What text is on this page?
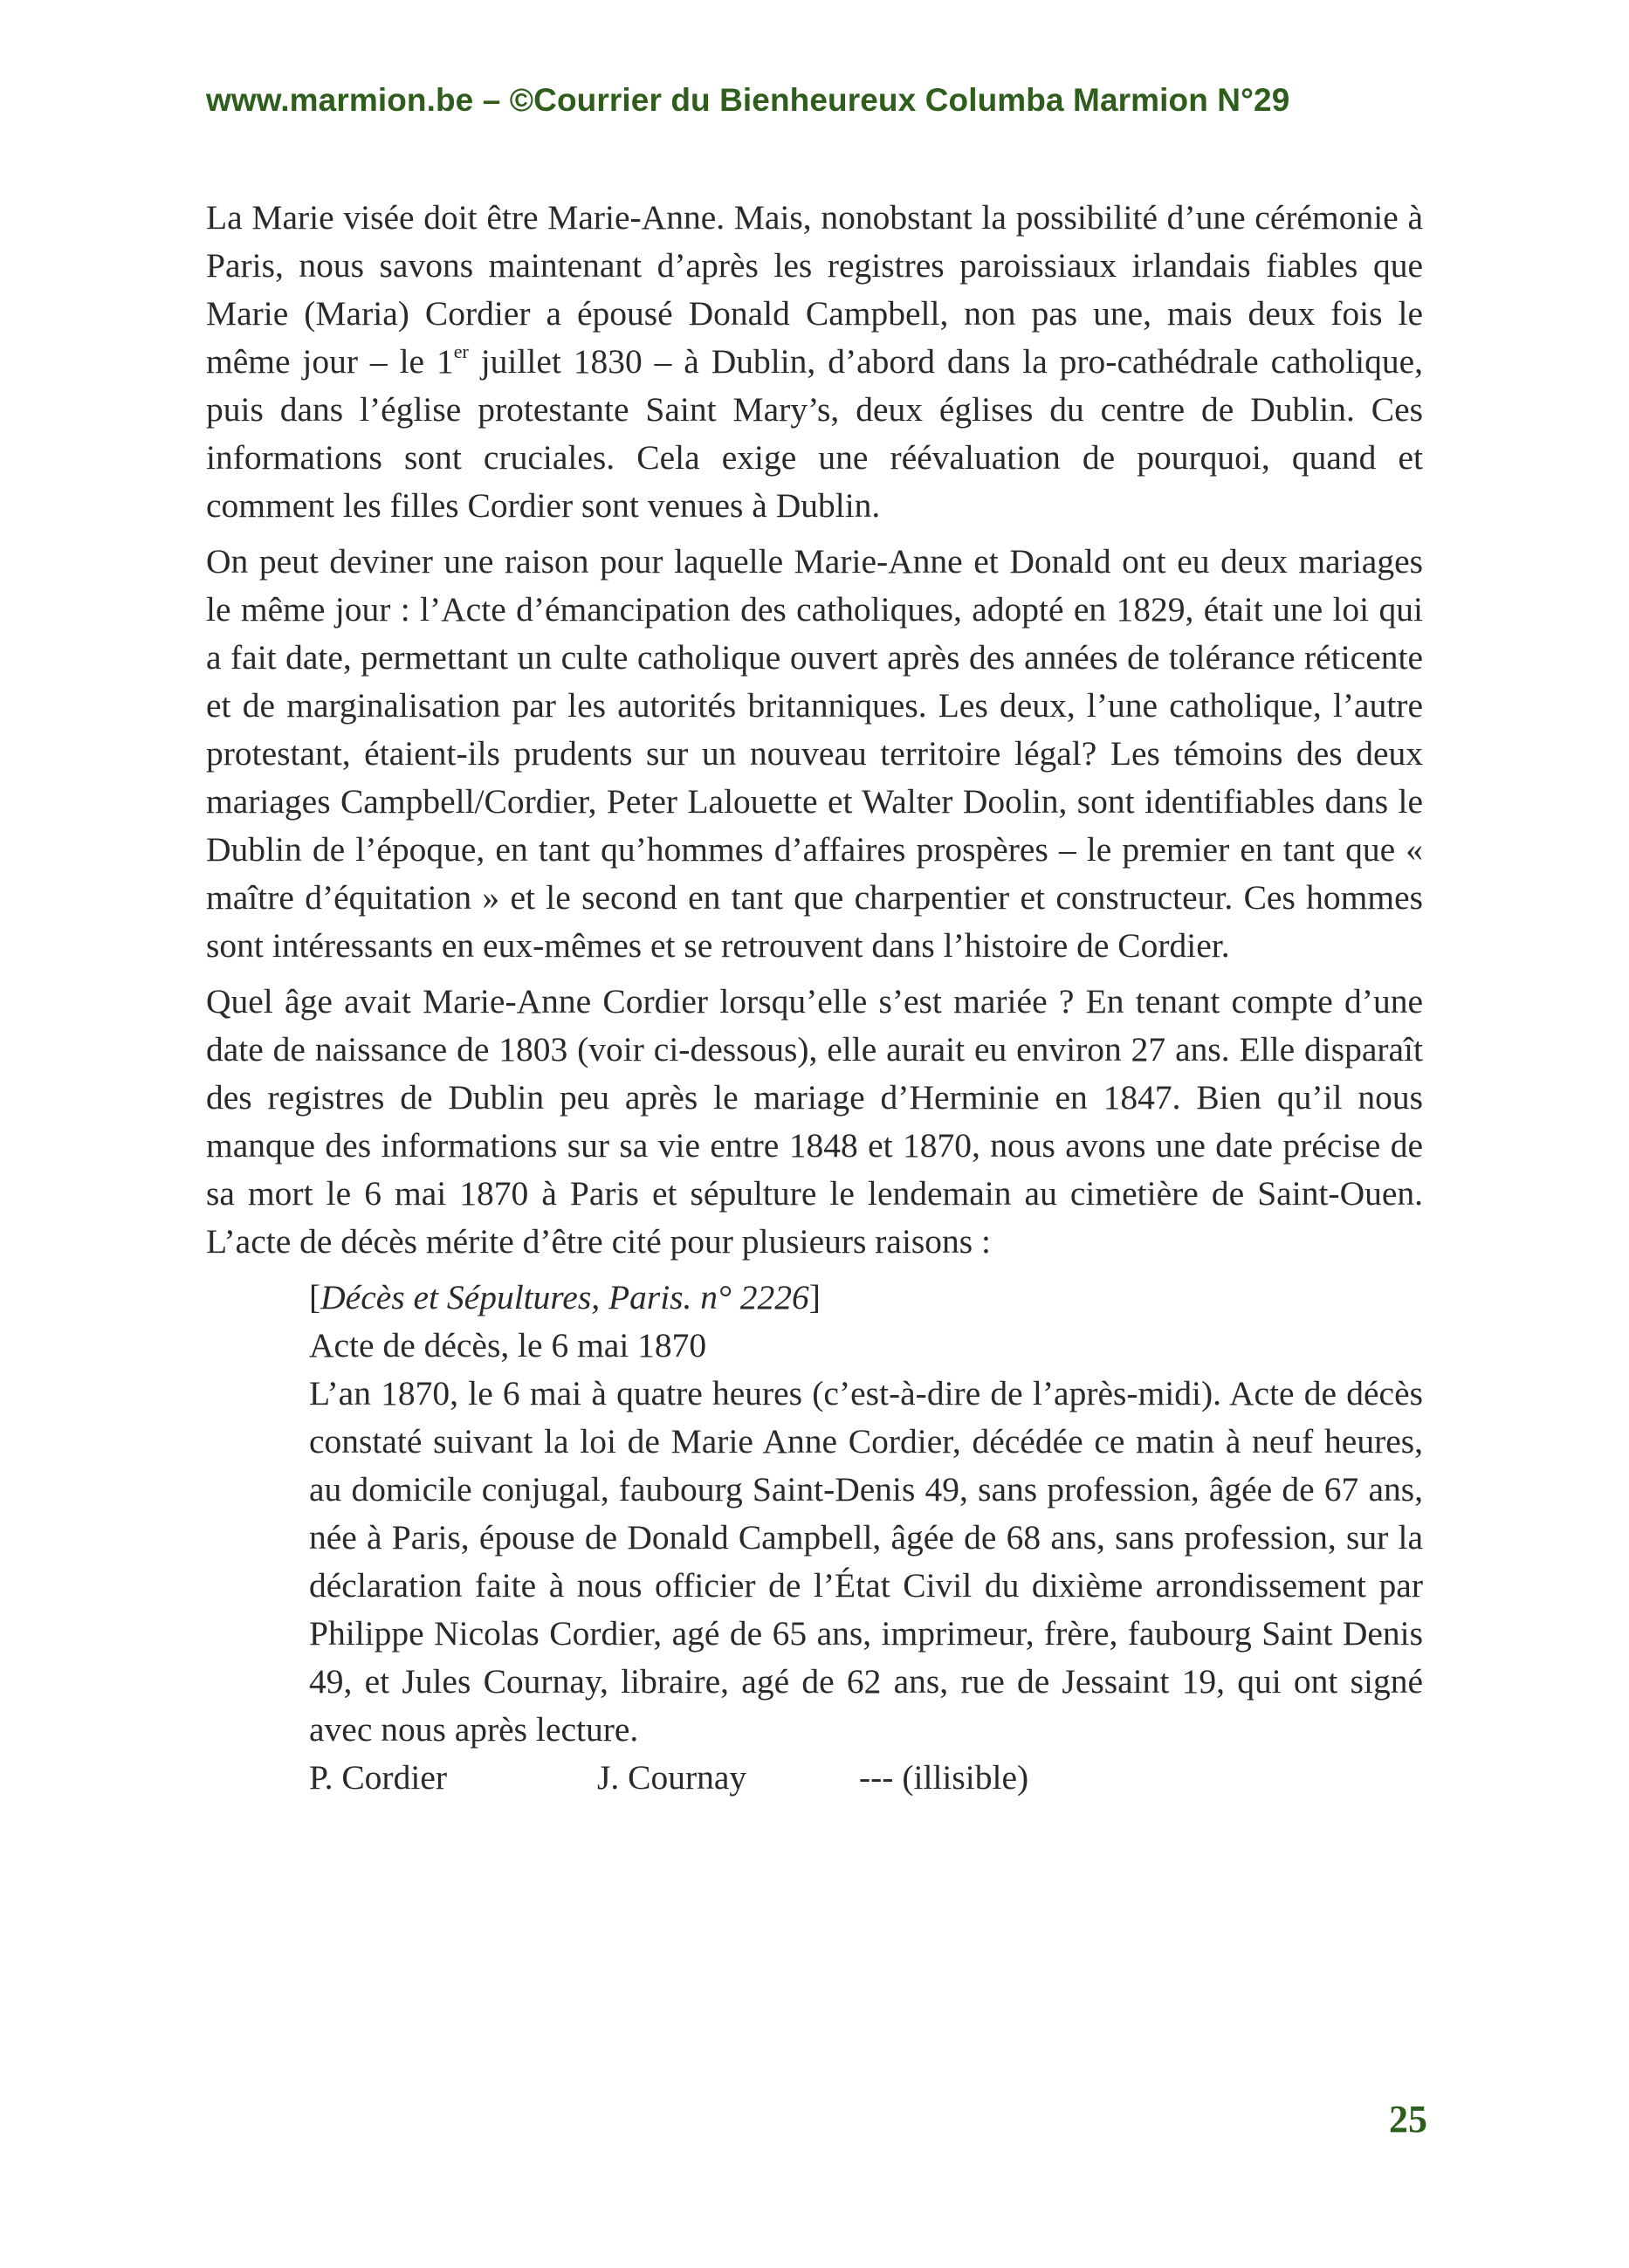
www.marmion.be – ©Courrier du Bienheureux Columba Marmion N°29

La Marie visée doit être Marie-Anne. Mais, nonobstant la possibilité d’une cérémonie à Paris, nous savons maintenant d’après les registres paroissiaux irlandais fiables que Marie (Maria) Cordier a épousé Donald Campbell, non pas une, mais deux fois le même jour – le 1er juillet 1830 – à Dublin, d’abord dans la pro-cathédrale catholique, puis dans l’église protestante Saint Mary’s, deux églises du centre de Dublin. Ces informations sont cruciales. Cela exige une réévaluation de pourquoi, quand et comment les filles Cordier sont venues à Dublin.

On peut deviner une raison pour laquelle Marie-Anne et Donald ont eu deux mariages le même jour : l’Acte d’émancipation des catholiques, adopté en 1829, était une loi qui a fait date, permettant un culte catholique ouvert après des années de tolérance réticente et de marginalisation par les autorités britanniques. Les deux, l’une catholique, l’autre protestant, étaient-ils prudents sur un nouveau territoire légal? Les témoins des deux mariages Campbell/Cordier, Peter Lalouette et Walter Doolin, sont identifiables dans le Dublin de l’époque, en tant qu’hommes d’affaires prospères – le premier en tant que « maître d’équitation » et le second en tant que charpentier et constructeur. Ces hommes sont intéressants en eux-mêmes et se retrouvent dans l’histoire de Cordier.

Quel âge avait Marie-Anne Cordier lorsqu’elle s’est mariée ? En tenant compte d’une date de naissance de 1803 (voir ci-dessous), elle aurait eu environ 27 ans. Elle disparaît des registres de Dublin peu après le mariage d’Herminie en 1847. Bien qu’il nous manque des informations sur sa vie entre 1848 et 1870, nous avons une date précise de sa mort le 6 mai 1870 à Paris et sépulture le lendemain au cimetière de Saint-Ouen. L’acte de décès mérite d’être cité pour plusieurs raisons :

[Décès et Sépultures, Paris. n° 2226]
Acte de décès, le 6 mai 1870
L’an 1870, le 6 mai à quatre heures (c’est-à-dire de l’après-midi). Acte de décès constaté suivant la loi de Marie Anne Cordier, décédée ce matin à neuf heures, au domicile conjugal, faubourg Saint-Denis 49, sans profession, âgée de 67 ans, née à Paris, épouse de Donald Campbell, âgée de 68 ans, sans profession, sur la déclaration faite à nous officier de l’État Civil du dixième arrondissement par Philippe Nicolas Cordier, agé de 65 ans, imprimeur, frère, faubourg Saint Denis 49, et Jules Cournay, libraire, agé de 62 ans, rue de Jessaint 19, qui ont signé avec nous après lecture.
P. Cordier	J. Cournay	--- (illisible)
25
